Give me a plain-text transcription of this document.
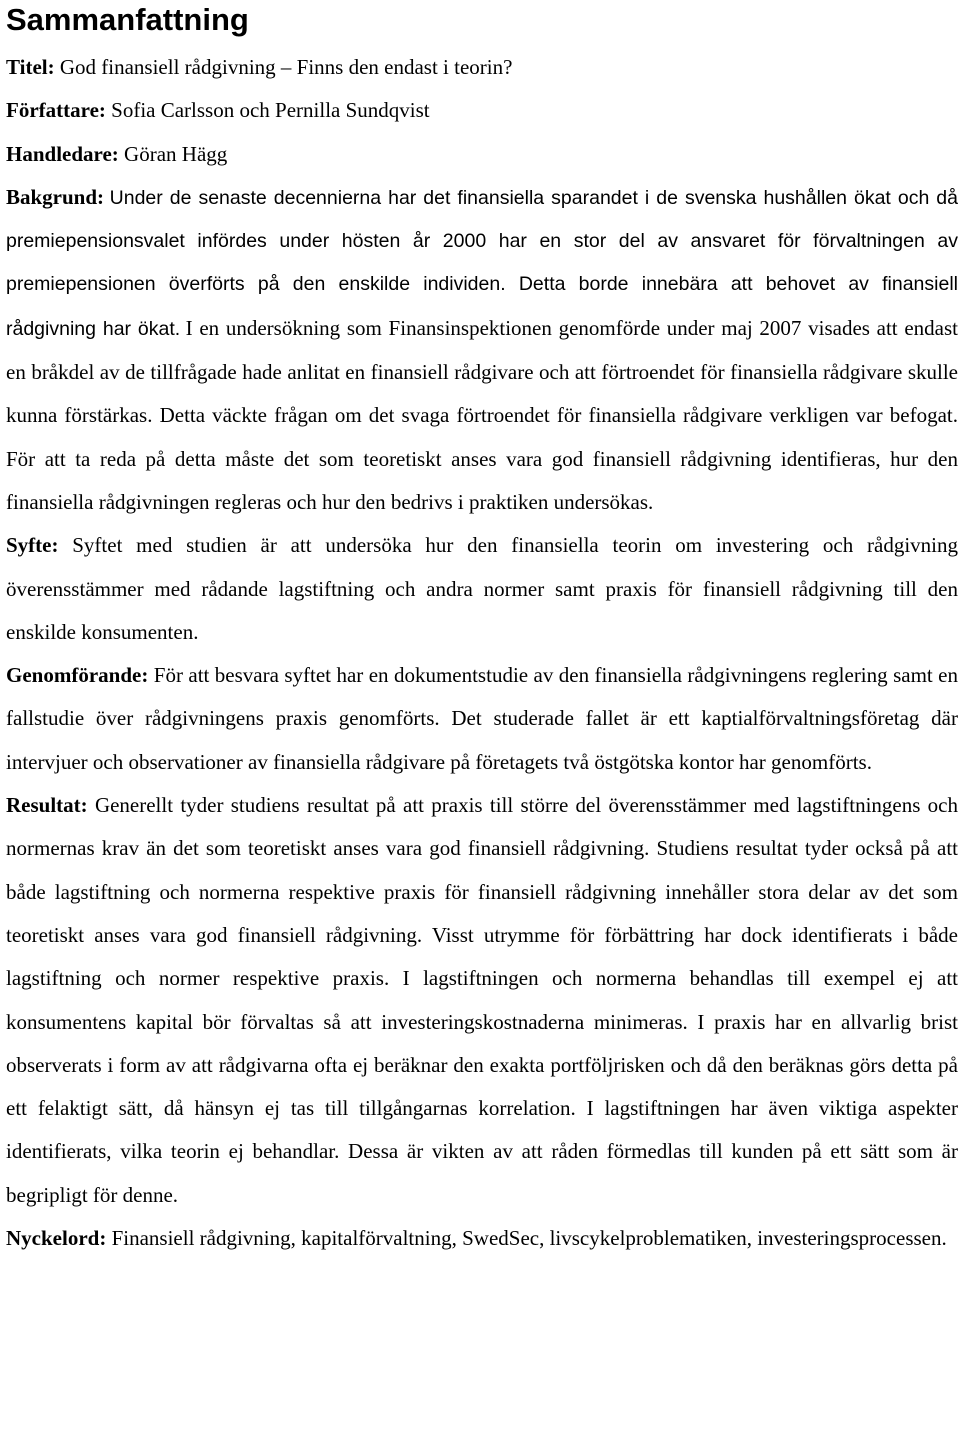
Sammanfattning

Titel: God finansiell rådgivning – Finns den endast i teorin?

Författare: Sofia Carlsson och Pernilla Sundqvist

Handledare: Göran Hägg

Bakgrund: Under de senaste decennierna har det finansiella sparandet i de svenska hushållen ökat och då premiepensionsvalet infördes under hösten år 2000 har en stor del av ansvaret för förvaltningen av premiepensionen överförts på den enskilde individen. Detta borde innebära att behovet av finansiell rådgivning har ökat. I en undersökning som Finansinspektionen genomförde under maj 2007 visades att endast en bråkdel av de tillfrågade hade anlitat en finansiell rådgivare och att förtroendet för finansiella rådgivare skulle kunna förstärkas. Detta väckte frågan om det svaga förtroendet för finansiella rådgivare verkligen var befogat. För att ta reda på detta måste det som teoretiskt anses vara god finansiell rådgivning identifieras, hur den finansiella rådgivningen regleras och hur den bedrivs i praktiken undersökas.

Syfte: Syftet med studien är att undersöka hur den finansiella teorin om investering och rådgivning överensstämmer med rådande lagstiftning och andra normer samt praxis för finansiell rådgivning till den enskilde konsumenten.

Genomförande: För att besvara syftet har en dokumentstudie av den finansiella rådgivningens reglering samt en fallstudie över rådgivningens praxis genomförts. Det studerade fallet är ett kaptialförvaltningsföretag där intervjuer och observationer av finansiella rådgivare på företagets två östgötska kontor har genomförts.

Resultat: Generellt tyder studiens resultat på att praxis till större del överensstämmer med lagstiftningens och normernas krav än det som teoretiskt anses vara god finansiell rådgivning. Studiens resultat tyder också på att både lagstiftning och normerna respektive praxis för finansiell rådgivning innehåller stora delar av det som teoretiskt anses vara god finansiell rådgivning. Visst utrymme för förbättring har dock identifierats i både lagstiftning och normer respektive praxis. I lagstiftningen och normerna behandlas till exempel ej att konsumentens kapital bör förvaltas så att investeringskostnaderna minimeras. I praxis har en allvarlig brist observerats i form av att rådgivarna ofta ej beräknar den exakta portföljrisken och då den beräknas görs detta på ett felaktigt sätt, då hänsyn ej tas till tillgångarnas korrelation. I lagstiftningen har även viktiga aspekter identifierats, vilka teorin ej behandlar. Dessa är vikten av att råden förmedlas till kunden på ett sätt som är begripligt för denne.

Nyckelord: Finansiell rådgivning, kapitalförvaltning, SwedSec, livscykelproblematiken, investeringsprocessen.
